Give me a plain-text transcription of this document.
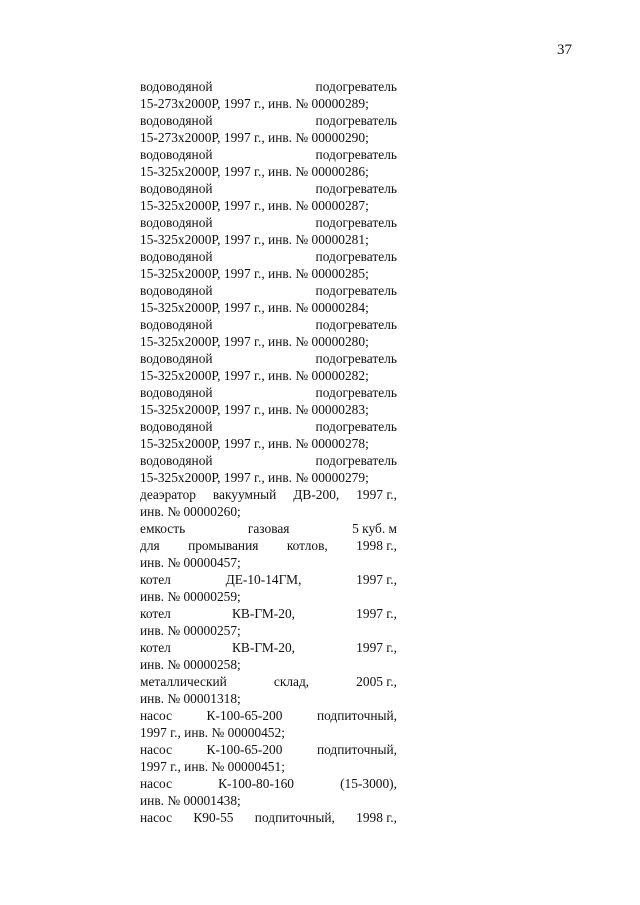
37
водоводяной	подогреватель
15-273х2000Р, 1997 г., инв. № 00000289;
водоводяной	подогреватель
15-273х2000Р, 1997 г., инв. № 00000290;
водоводяной	подогреватель
15-325х2000Р, 1997 г., инв. № 00000286;
водоводяной	подогреватель
15-325х2000Р, 1997 г., инв. № 00000287;
водоводяной	подогреватель
15-325х2000Р, 1997 г., инв. № 00000281;
водоводяной	подогреватель
15-325х2000Р, 1997 г., инв. № 00000285;
водоводяной	подогреватель
15-325х2000Р, 1997 г., инв. № 00000284;
водоводяной	подогреватель
15-325х2000Р, 1997 г., инв. № 00000280;
водоводяной	подогреватель
15-325х2000Р, 1997 г., инв. № 00000282;
водоводяной	подогреватель
15-325х2000Р, 1997 г., инв. № 00000283;
водоводяной	подогреватель
15-325х2000Р, 1997 г., инв. № 00000278;
водоводяной	подогреватель
15-325х2000Р, 1997 г., инв. № 00000279;
деаэратор вакуумный ДВ-200, 1997 г.,
инв. № 00000260;
емкость	газовая	5 куб. м
для промывания котлов, 1998 г.,
инв. № 00000457;
котел	ДЕ-10-14ГМ,	1997 г.,
инв. № 00000259;
котел	КВ-ГМ-20,	1997 г.,
инв. № 00000257;
котел	КВ-ГМ-20,	1997 г.,
инв. № 00000258;
металлический	склад,	2005 г.,
инв. № 00001318;
насос	К-100-65-200	подпиточный,
1997 г., инв. № 00000452;
насос	К-100-65-200	подпиточный,
1997 г., инв. № 00000451;
насос	К-100-80-160	(15-3000),
инв. № 00001438;
насос К90-55 подпиточный, 1998 г.,
